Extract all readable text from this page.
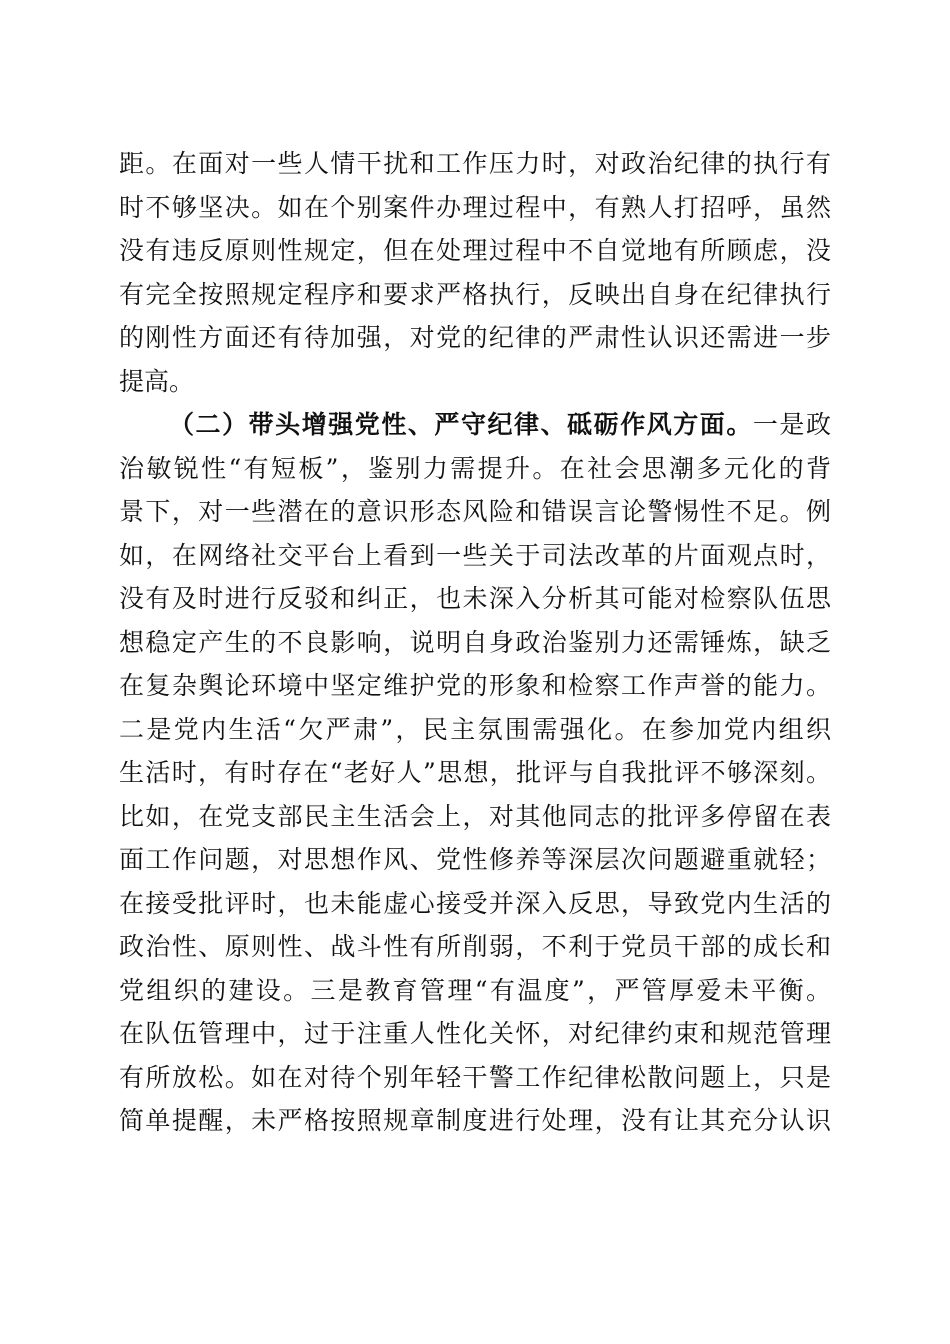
距。在面对一些人情干扰和工作压力时，对政治纪律的执行有
时不够坚决。如在个别案件办理过程中，有熟人打招呼，虽然
没有违反原则性规定，但在处理过程中不自觉地有所顾虑，没
有完全按照规定程序和要求严格执行，反映出自身在纪律执行
的刚性方面还有待加强，对党的纪律的严肃性认识还需进一步
提高。
（二）带头增强党性、严守纪律、砥砺作风方面。一是政
治敏锐性“有短板”，鉴别力需提升。在社会思潮多元化的背
景下，对一些潜在的意识形态风险和错误言论警惕性不足。例
如，在网络社交平台上看到一些关于司法改革的片面观点时，
没有及时进行反驳和纠正，也未深入分析其可能对检察队伍思
想稳定产生的不良影响，说明自身政治鉴别力还需锤炼，缺乏
在复杂舆论环境中坚定维护党的形象和检察工作声誉的能力。
二是党内生活“欠严肃”，民主氛围需强化。在参加党内组织
生活时，有时存在“老好人”思想，批评与自我批评不够深刻。
比如，在党支部民主生活会上，对其他同志的批评多停留在表
面工作问题，对思想作风、党性修养等深层次问题避重就轻；
在接受批评时，也未能虚心接受并深入反思，导致党内生活的
政治性、原则性、战斗性有所削弱，不利于党员干部的成长和
党组织的建设。三是教育管理“有温度”，严管厚爱未平衡。
在队伍管理中，过于注重人性化关怀，对纪律约束和规范管理
有所放松。如在对待个别年轻干警工作纪律松散问题上，只是
简单提醒，未严格按照规章制度进行处理，没有让其充分认识
